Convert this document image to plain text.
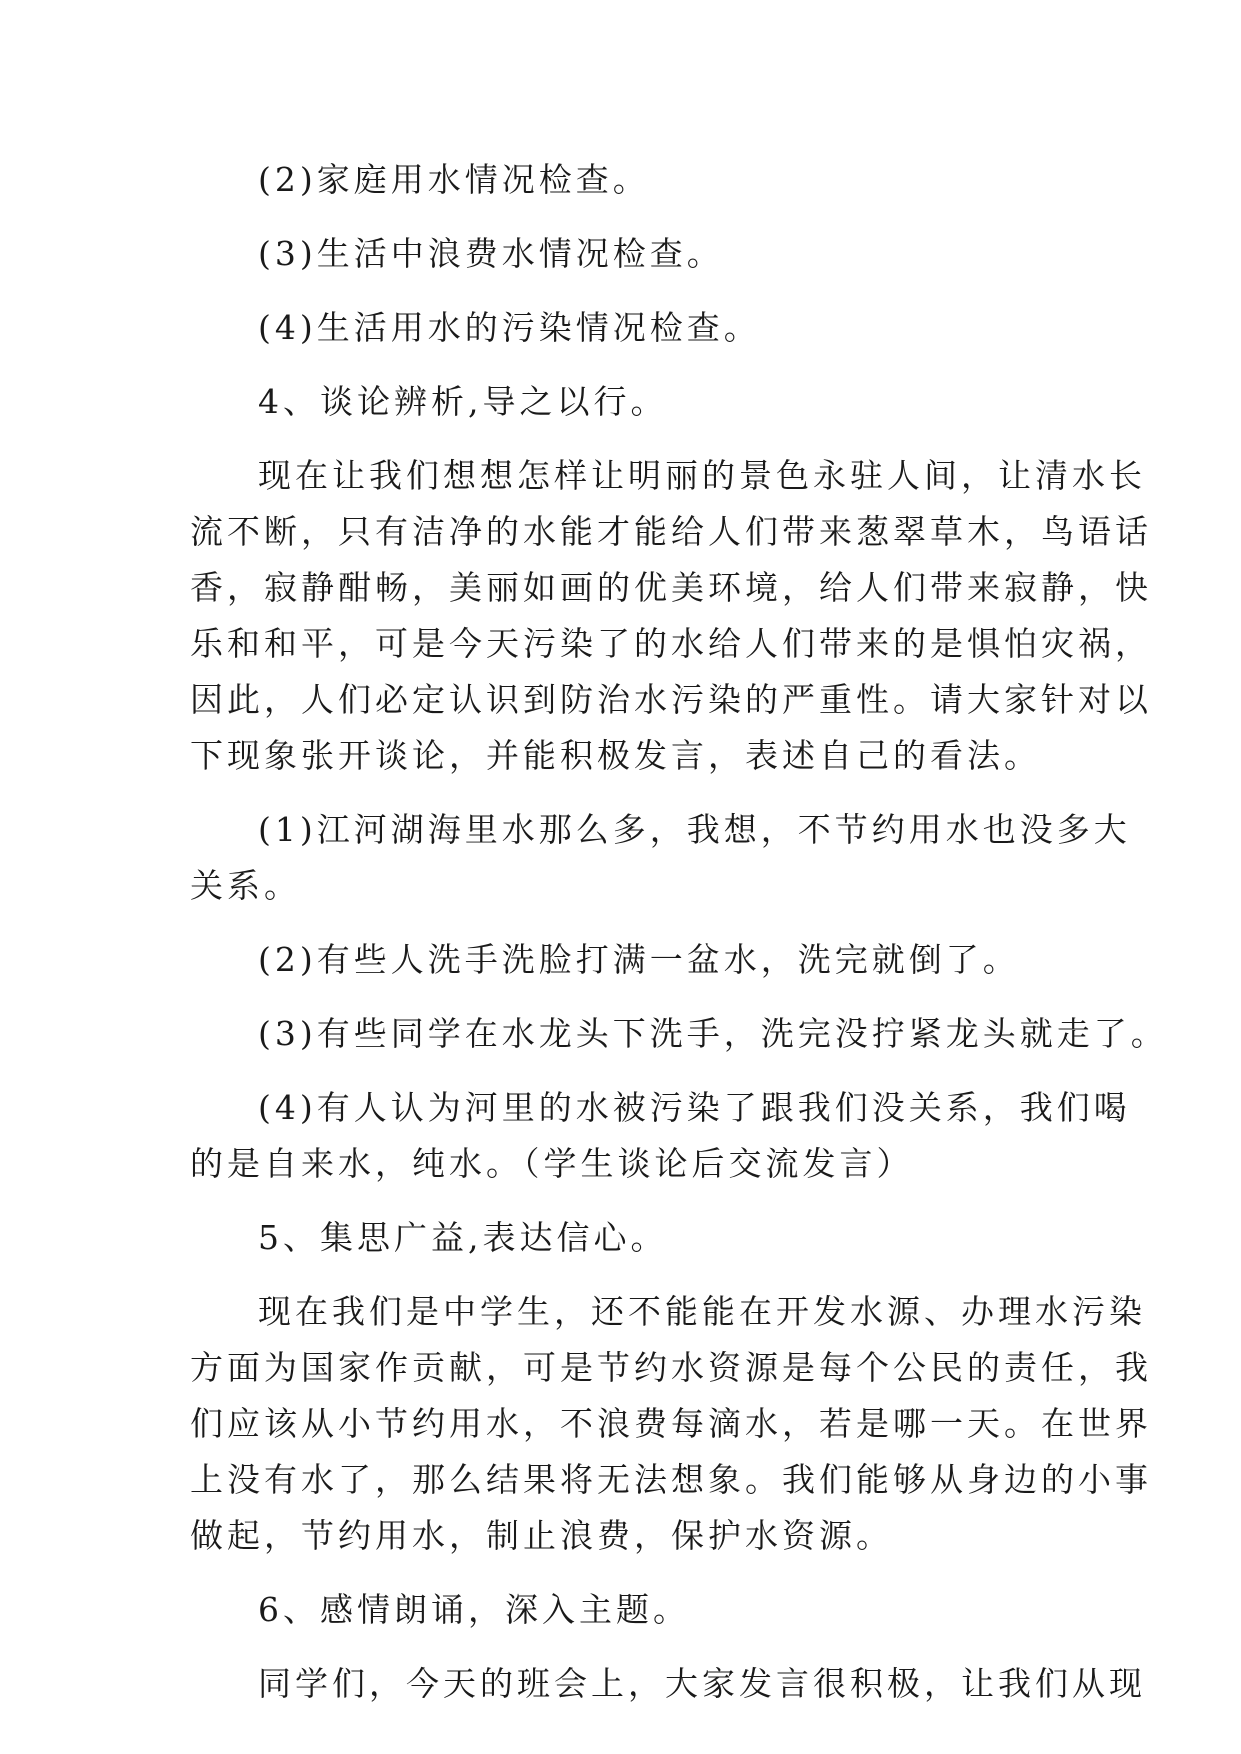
(2)家庭用水情况检查。

(3)生活中浪费水情况检查。

(4)生活用水的污染情况检查。

4、谈论辨析,导之以行。

现在让我们想想怎样让明丽的景色永驻人间，让清水长
流不断，只有洁净的水能才能给人们带来葱翠草木，鸟语话
香，寂静酣畅，美丽如画的优美环境，给人们带来寂静，快
乐和和平，可是今天污染了的水给人们带来的是惧怕灾祸，
因此，人们必定认识到防治水污染的严重性。请大家针对以
下现象张开谈论，并能积极发言，表述自己的看法。

(1)江河湖海里水那么多，我想，不节约用水也没多大
关系。

(2)有些人洗手洗脸打满一盆水，洗完就倒了。

(3)有些同学在水龙头下洗手，洗完没拧紧龙头就走了。

(4)有人认为河里的水被污染了跟我们没关系，我们喝
的是自来水，纯水。（学生谈论后交流发言）

5、集思广益,表达信心。

现在我们是中学生，还不能能在开发水源、办理水污染
方面为国家作贡献，可是节约水资源是每个公民的责任，我
们应该从小节约用水，不浪费每滴水，若是哪一天。在世界
上没有水了，那么结果将无法想象。我们能够从身边的小事
做起，节约用水，制止浪费，保护水资源。

6、感情朗诵，深入主题。

同学们，今天的班会上，大家发言很积极，让我们从现
